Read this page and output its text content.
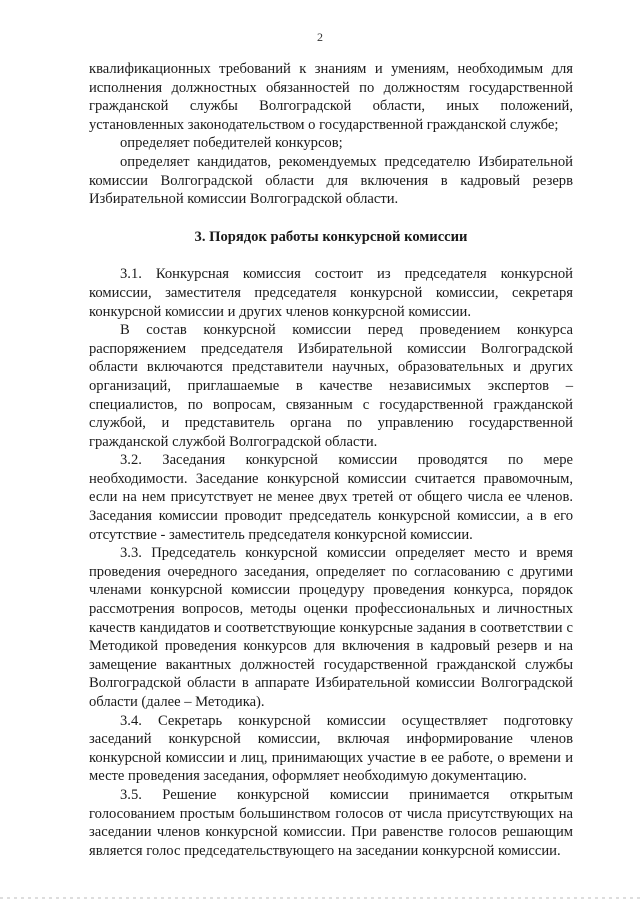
2

квалификационных требований к знаниям и умениям, необходимым для исполнения должностных обязанностей по должностям государственной гражданской службы Волгоградской области, иных положений, установленных законодательством о государственной гражданской службе;

определяет победителей конкурсов;

определяет кандидатов, рекомендуемых председателю Избирательной комиссии Волгоградской области для включения в кадровый резерв Избирательной комиссии Волгоградской области.

3. Порядок работы конкурсной комиссии

3.1. Конкурсная комиссия состоит из председателя конкурсной комиссии, заместителя председателя конкурсной комиссии, секретаря конкурсной комиссии и других членов конкурсной комиссии.

В состав конкурсной комиссии перед проведением конкурса распоряжением председателя Избирательной комиссии Волгоградской области включаются представители научных, образовательных и других организаций, приглашаемые в качестве независимых экспертов – специалистов, по вопросам, связанным с государственной гражданской службой, и представитель органа по управлению государственной гражданской службой Волгоградской области.

3.2. Заседания конкурсной комиссии проводятся по мере необходимости. Заседание конкурсной комиссии считается правомочным, если на нем присутствует не менее двух третей от общего числа ее членов. Заседания комиссии проводит председатель конкурсной комиссии, а в его отсутствие - заместитель председателя конкурсной комиссии.

3.3. Председатель конкурсной комиссии определяет место и время проведения очередного заседания, определяет по согласованию с другими членами конкурсной комиссии процедуру проведения конкурса, порядок рассмотрения вопросов, методы оценки профессиональных и личностных качеств кандидатов и соответствующие конкурсные задания в соответствии с Методикой проведения конкурсов для включения в кадровый резерв и на замещение вакантных должностей государственной гражданской службы Волгоградской области в аппарате Избирательной комиссии Волгоградской области (далее – Методика).

3.4. Секретарь конкурсной комиссии осуществляет подготовку заседаний конкурсной комиссии, включая информирование членов конкурсной комиссии и лиц, принимающих участие в ее работе, о времени и месте проведения заседания, оформляет необходимую документацию.

3.5. Решение конкурсной комиссии принимается открытым голосованием простым большинством голосов от числа присутствующих на заседании членов конкурсной комиссии. При равенстве голосов решающим является голос председательствующего на заседании конкурсной комиссии.
